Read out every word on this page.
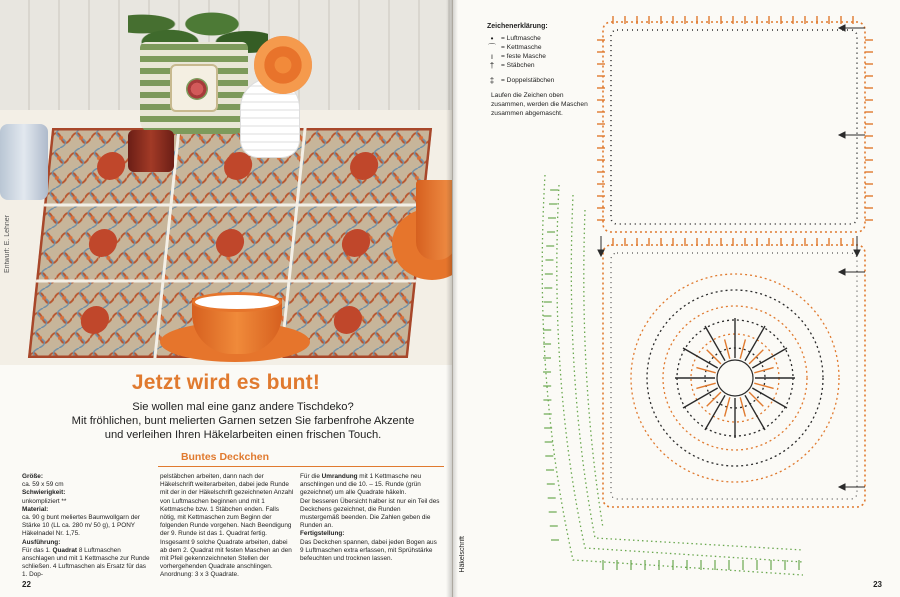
Entwurf: E. Lehner
Jetzt wird es bunt!
Sie wollen mal eine ganz andere Tischdeko?
Mit fröhlichen, bunt melierten Garnen setzen Sie farbenfrohe Akzente
und verleihen Ihren Häkelarbeiten einen frischen Touch.
Buntes Deckchen

Größe:

ca. 59 x 59 cm

Schwierigkeit:

unkompliziert **

Material:

ca. 90 g bunt meliertes Baumwollgarn der Stärke 10 (LL ca. 280 m/ 50 g), 1 PONY Häkelnadel Nr. 1,75.

Ausführung:

Für das 1. Quadrat 8 Luftmaschen anschlagen und mit 1 Kettmasche zur Runde schließen. 4 Luftmaschen als Ersatz für das 1. Dop-

pelstäbchen arbeiten, dann nach der Häkelschrift weiterarbeiten, dabei jede Runde mit der in der Häkelschrift gezeichneten Anzahl von Luftmaschen beginnen und mit 1 Kettmasche bzw. 1 Stäbchen enden. Falls nötig, mit Kettmaschen zum Beginn der folgenden Runde vorgehen. Nach Beendigung der 9. Runde ist das 1. Quadrat fertig. Insgesamt 9 solche Quadrate arbeiten, dabei ab dem 2. Quadrat mit festen Maschen an den mit Pfeil gekennzeichneten Stellen der vorhergehenden Quadrate anschlingen. Anordnung: 3 x 3 Quadrate.

Für die Umrandung mit 1 Kettmasche neu anschlingen und die 10. – 15. Runde (grün gezeichnet) um alle Quadrate häkeln.

Der besseren Übersicht halber ist nur ein Teil des Deckchens gezeichnet, die Runden mustergemäß beenden. Die Zahlen geben die Runden an.

Fertigstellung:

Das Deckchen spannen, dabei jeden Bogen aus 9 Luftmaschen extra erfassen, mit Sprühstärke befeuchten und trocknen lassen.

22
Zeichenerklärung:
•	= Luftmasche
⌒ = Kettmasche
ı	= feste Masche
†	= Stäbchen
‡	= Doppelstäbchen
Laufen die Zeichen oben zusammen, werden die Maschen zusammen abgemascht.
Häkelschrift
23
